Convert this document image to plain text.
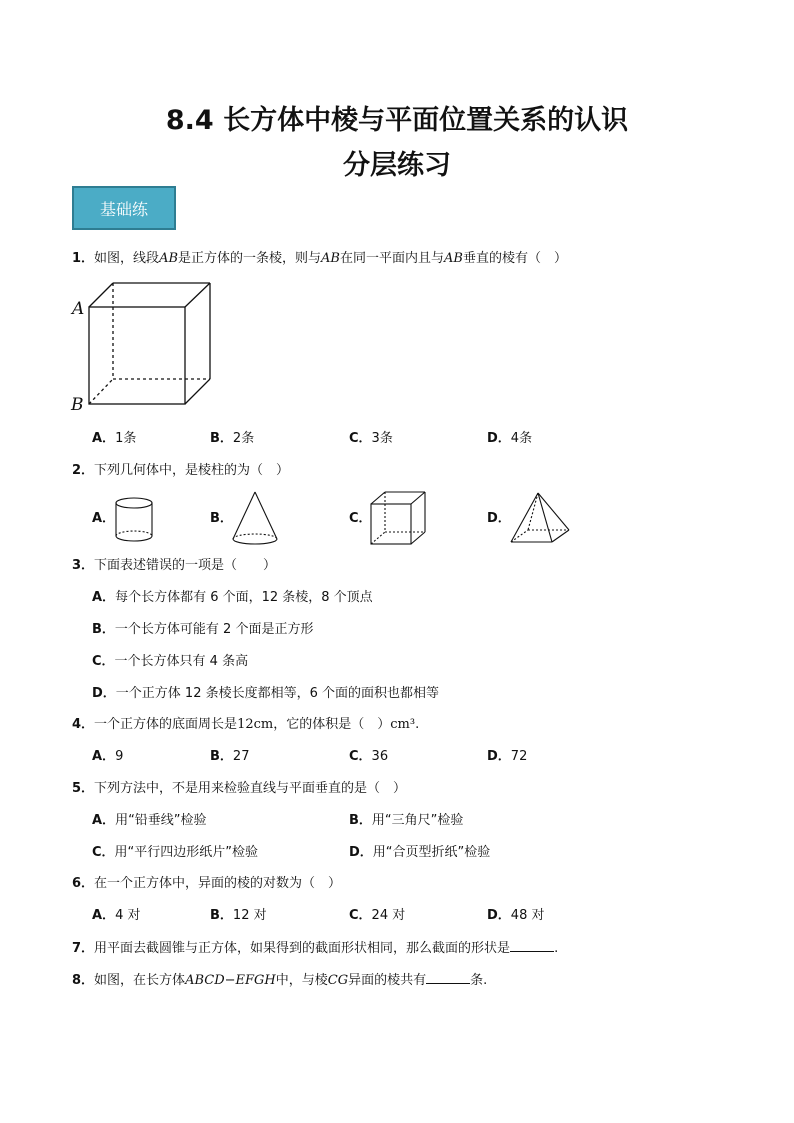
8.4 长方体中棱与平面位置关系的认识
分层练习
基础练

1．如图，线段AB是正方体的一条棱，则与AB在同一平面内且与AB垂直的棱有（　）

A
B
A．1条	B．2条	C．3条	D．4条

2．下列几何体中，是棱柱的为（　）

A．	B．	C．	D．

3．下面表述错误的一项是（　　）

A．每个长方体都有 6 个面，12 条棱，8 个顶点
B．一个长方体可能有 2 个面是正方形
C．一个长方体只有 4 条高
D．一个正方体 12 条棱长度都相等，6 个面的面积也都相等

4．一个正方体的底面周长是12cm，它的体积是（　）cm³.

A．9	B．27	C．36	D．72

5．下列方法中，不是用来检验直线与平面垂直的是（　）

A．用“铅垂线”检验	B．用“三角尺”检验
C．用“平行四边形纸片”检验	D．用“合页型折纸”检验

6．在一个正方体中，异面的棱的对数为（　）

A．4 对	B．12 对	C．24 对	D．48 对

7．用平面去截圆锥与正方体，如果得到的截面形状相同，那么截面的形状是	.

8．如图，在长方体ABCD−EFGH中，与棱CG异面的棱共有	条.
